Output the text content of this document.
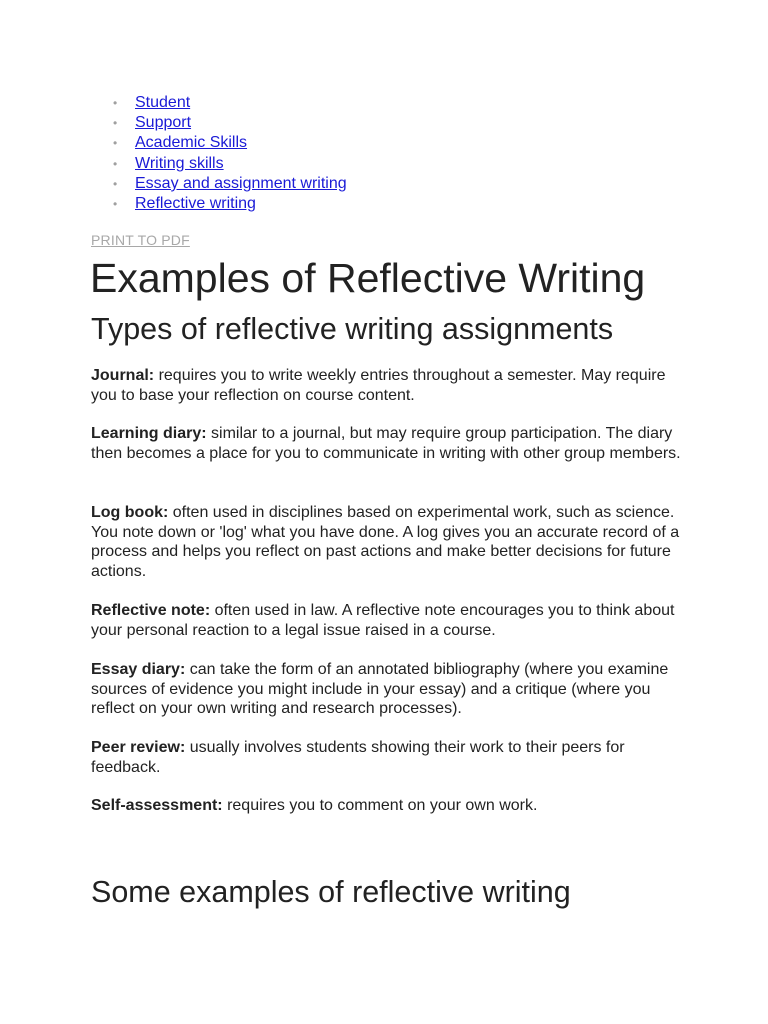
• Student
• Support
• Academic Skills
• Writing skills
• Essay and assignment writing
• Reflective writing
PRINT TO PDF
Examples of Reflective Writing
Types of reflective writing assignments

Journal: requires you to write weekly entries throughout a semester. May require you to base your reflection on course content.

Learning diary: similar to a journal, but may require group participation. The diary then becomes a place for you to communicate in writing with other group members.

Log book: often used in disciplines based on experimental work, such as science. You note down or 'log' what you have done. A log gives you an accurate record of a process and helps you reflect on past actions and make better decisions for future actions.

Reflective note: often used in law. A reflective note encourages you to think about your personal reaction to a legal issue raised in a course.

Essay diary: can take the form of an annotated bibliography (where you examine sources of evidence you might include in your essay) and a critique (where you reflect on your own writing and research processes).

Peer review: usually involves students showing their work to their peers for feedback.

Self-assessment: requires you to comment on your own work.

Some examples of reflective writing
